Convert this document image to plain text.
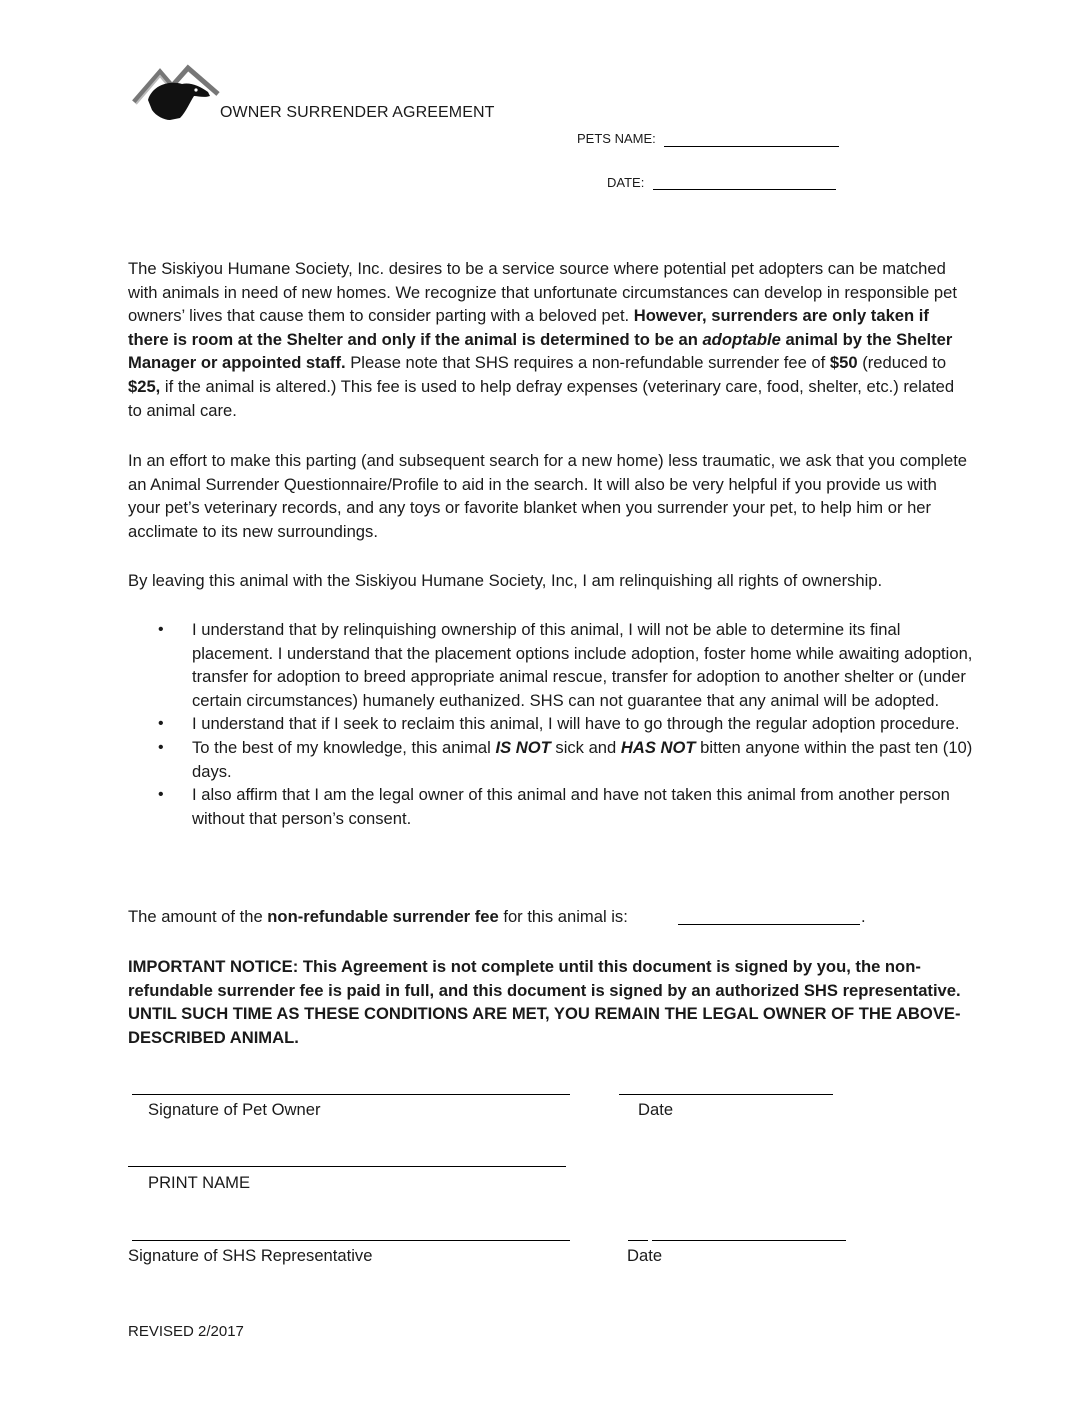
OWNER SURRENDER AGREEMENT
PETS NAME:
DATE:

The Siskiyou Humane Society, Inc. desires to be a service source where potential pet adopters can be matched with animals in need of new homes. We recognize that unfortunate circumstances can develop in responsible pet owners’ lives that cause them to consider parting with a beloved pet. However, surrenders are only taken if there is room at the Shelter and only if the animal is determined to be an adoptable animal by the Shelter Manager or appointed staff. Please note that SHS requires a non-refundable surrender fee of $50 (reduced to $25, if the animal is altered.) This fee is used to help defray expenses (veterinary care, food, shelter, etc.) related to animal care.

In an effort to make this parting (and subsequent search for a new home) less traumatic, we ask that you complete an Animal Surrender Questionnaire/Profile to aid in the search. It will also be very helpful if you provide us with your pet’s veterinary records, and any toys or favorite blanket when you surrender your pet, to help him or her acclimate to its new surroundings.

By leaving this animal with the Siskiyou Humane Society, Inc, I am relinquishing all rights of ownership.

• I understand that by relinquishing ownership of this animal, I will not be able to determine its final placement. I understand that the placement options include adoption, foster home while awaiting adoption, transfer for adoption to breed appropriate animal rescue, transfer for adoption to another shelter or (under certain circumstances) humanely euthanized. SHS can not guarantee that any animal will be adopted.
• I understand that if I seek to reclaim this animal, I will have to go through the regular adoption procedure.
• To the best of my knowledge, this animal IS NOT sick and HAS NOT bitten anyone within the past ten (10) days.
• I also affirm that I am the legal owner of this animal and have not taken this animal from another person without that person’s consent.
The amount of the non-refundable surrender fee for this animal is:	.

IMPORTANT NOTICE: This Agreement is not complete until this document is signed by you, the non-refundable surrender fee is paid in full, and this document is signed by an authorized SHS representative. UNTIL SUCH TIME AS THESE CONDITIONS ARE MET, YOU REMAIN THE LEGAL OWNER OF THE ABOVE-DESCRIBED ANIMAL.

Signature of Pet Owner	Date
PRINT NAME
Signature of SHS Representative	Date
REVISED 2/2017
